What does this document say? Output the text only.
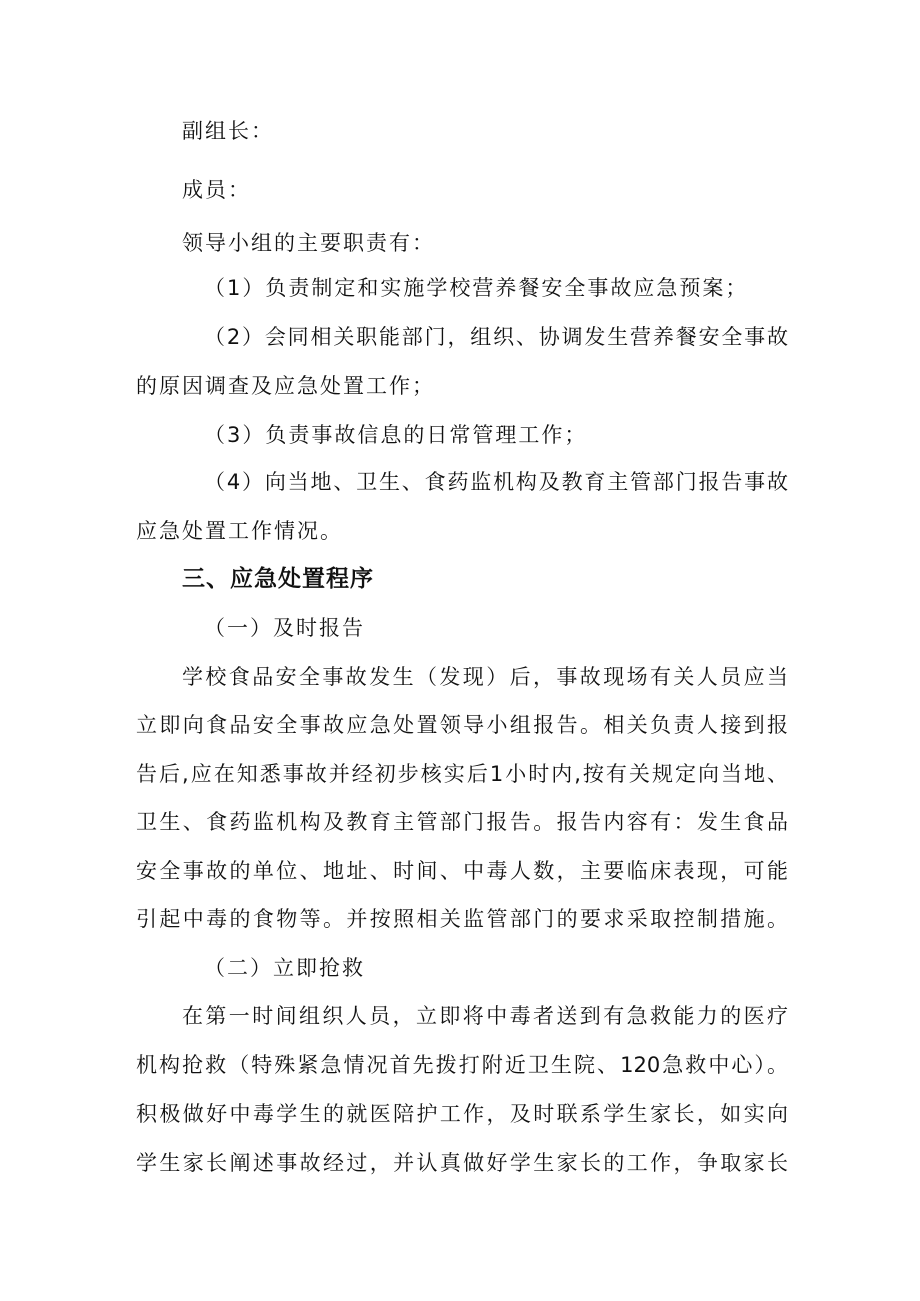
副组长：
成员：
领导小组的主要职责有：
（1）负责制定和实施学校营养餐安全事故应急预案；
（2）会同相关职能部门，组织、协调发生营养餐安全事故
的原因调查及应急处置工作；
（3）负责事故信息的日常管理工作；
（4）向当地、卫生、食药监机构及教育主管部门报告事故
应急处置工作情况。
三、应急处置程序
（一）及时报告
学校食品安全事故发生（发现）后，事故现场有关人员应当
立即向食品安全事故应急处置领导小组报告。相关负责人接到报
告后,应在知悉事故并经初步核实后1小时内,按有关规定向当地、
卫生、食药监机构及教育主管部门报告。报告内容有：发生食品
安全事故的单位、地址、时间、中毒人数，主要临床表现，可能
引起中毒的食物等。并按照相关监管部门的要求采取控制措施。
（二）立即抢救
在第一时间组织人员，立即将中毒者送到有急救能力的医疗
机构抢救（特殊紧急情况首先拨打附近卫生院、120急救中心）。
积极做好中毒学生的就医陪护工作，及时联系学生家长，如实向
学生家长阐述事故经过，并认真做好学生家长的工作，争取家长
